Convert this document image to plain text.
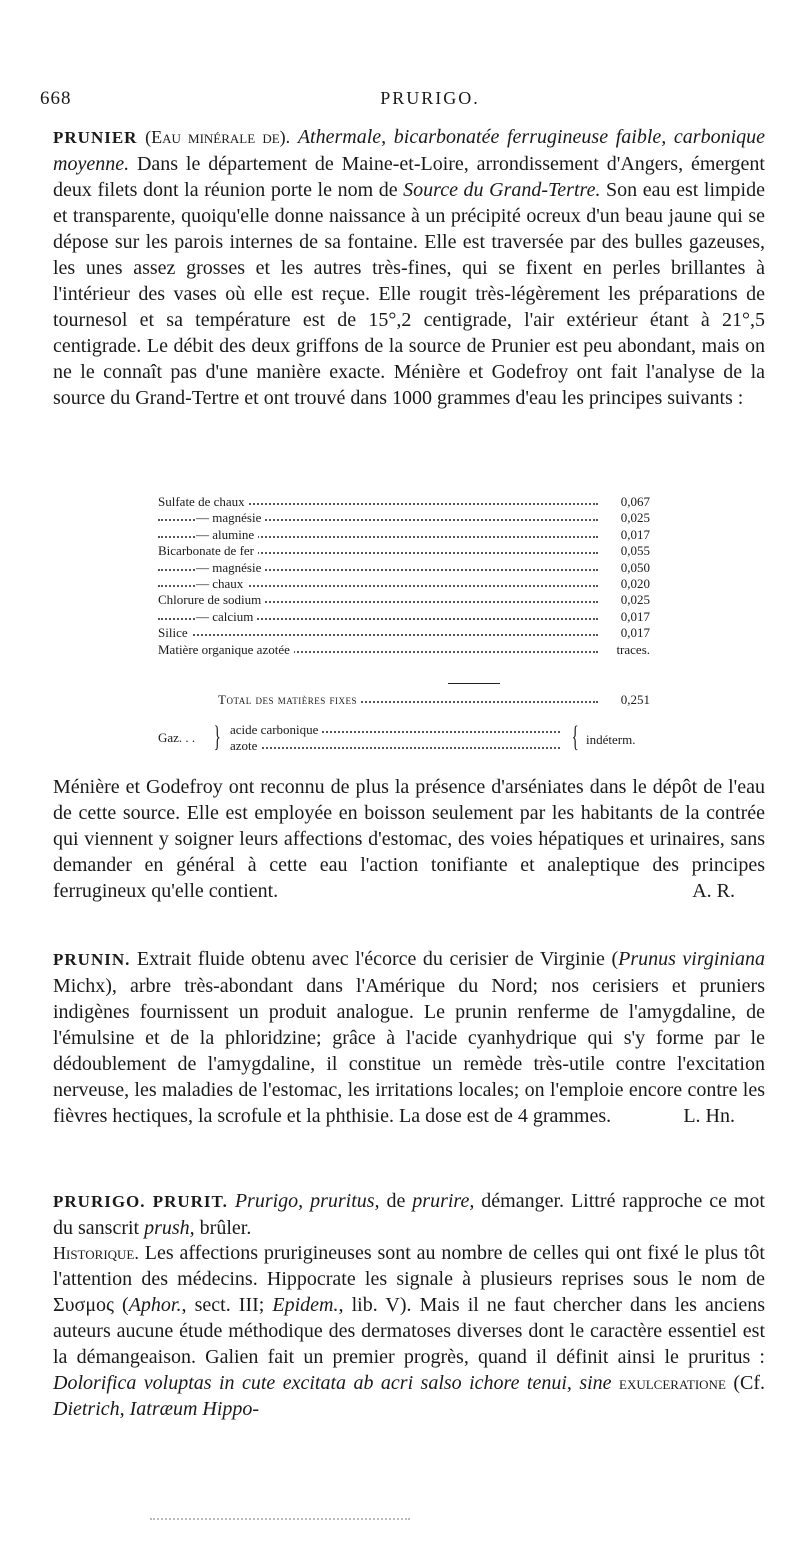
668	PRURIGO.

PRUNIER (Eau minérale de). Athermale, bicarbonatée ferrugineuse faible, carbonique moyenne. Dans le département de Maine-et-Loire, arrondissement d'Angers, émergent deux filets dont la réunion porte le nom de Source du Grand-Tertre. Son eau est limpide et transparente, quoiqu'elle donne naissance à un précipité ocreux d'un beau jaune qui se dépose sur les parois internes de sa fontaine. Elle est traversée par des bulles gazeuses, les unes assez grosses et les autres très-fines, qui se fixent en perles brillantes à l'intérieur des vases où elle est reçue. Elle rougit très-légèrement les préparations de tournesol et sa température est de 15°,2 centigrade, l'air extérieur étant à 21°,5 centigrade. Le débit des deux griffons de la source de Prunier est peu abondant, mais on ne le connaît pas d'une manière exacte. Ménière et Godefroy ont fait l'analyse de la source du Grand-Tertre et ont trouvé dans 1000 grammes d'eau les principes suivants :

Sulfate de chaux	0,067
— magnésie	0,025
— alumine	0,017
Bicarbonate de fer	0,055
— magnésie	0,050
— chaux	0,020
Chlorure de sodium	0,025
— calcium	0,017
Silice	0,017
Matière organique azotée	traces.
Total des matières fixes	0,251
Gaz. . . } acide carbonique
azote	{ indéterm.

Ménière et Godefroy ont reconnu de plus la présence d'arséniates dans le dépôt de l'eau de cette source. Elle est employée en boisson seulement par les habitants de la contrée qui viennent y soigner leurs affections d'estomac, des voies hépatiques et urinaires, sans demander en général à cette eau l'action tonifiante et analeptique des principes ferrugineux qu'elle contient.	A. R.

PRUNIN. Extrait fluide obtenu avec l'écorce du cerisier de Virginie (Prunus virginiana Michx), arbre très-abondant dans l'Amérique du Nord; nos cerisiers et pruniers indigènes fournissent un produit analogue. Le prunin renferme de l'amygdaline, de l'émulsine et de la phloridzine; grâce à l'acide cyanhydrique qui s'y forme par le dédoublement de l'amygdaline, il constitue un remède très-utile contre l'excitation nerveuse, les maladies de l'estomac, les irritations locales; on l'emploie encore contre les fièvres hectiques, la scrofule et la phthisie. La dose est de 4 grammes.	L. Hn.

PRURIGO. PRURIT. Prurigo, pruritus, de prurire, démanger. Littré rapproche ce mot du sanscrit prush, brûler.

Historique. Les affections prurigineuses sont au nombre de celles qui ont fixé le plus tôt l'attention des médecins. Hippocrate les signale à plusieurs reprises sous le nom de Συσμος (Aphor., sect. III; Epidem., lib. V). Mais il ne faut chercher dans les anciens auteurs aucune étude méthodique des dermatoses diverses dont le caractère essentiel est la démangeaison. Galien fait un premier progrès, quand il définit ainsi le pruritus : Dolorifica voluptas in cute excitata ab acri salso ichore tenui, sine exulceratione (Cf. Dietrich, Iatræum Hippo-
